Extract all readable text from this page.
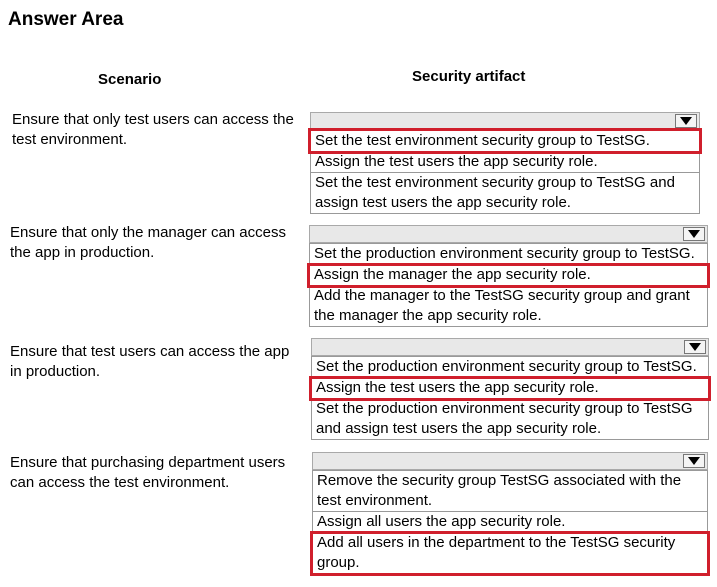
Answer Area
Scenario	Security artifact
Ensure that only test users can access the test environment.	Set the test environment security group to TestSG.
Assign the test users the app security role.
Set the test environment security group to TestSG and assign test users the app security role.
Ensure that only the manager can access the app in production.	Set the production environment security group to TestSG.
Assign the manager the app security role.
Add the manager to the TestSG security group and grant the manager the app security role.
Ensure that test users can access the app in production.	Set the production environment security group to TestSG.
Assign the test users the app security role.
Set the production environment security group to TestSG and assign test users the app security role.
Ensure that purchasing department users can access the test environment.	Remove the security group TestSG associated with the test environment.
Assign all users the app security role.
Add all users in the department to the TestSG security group.
